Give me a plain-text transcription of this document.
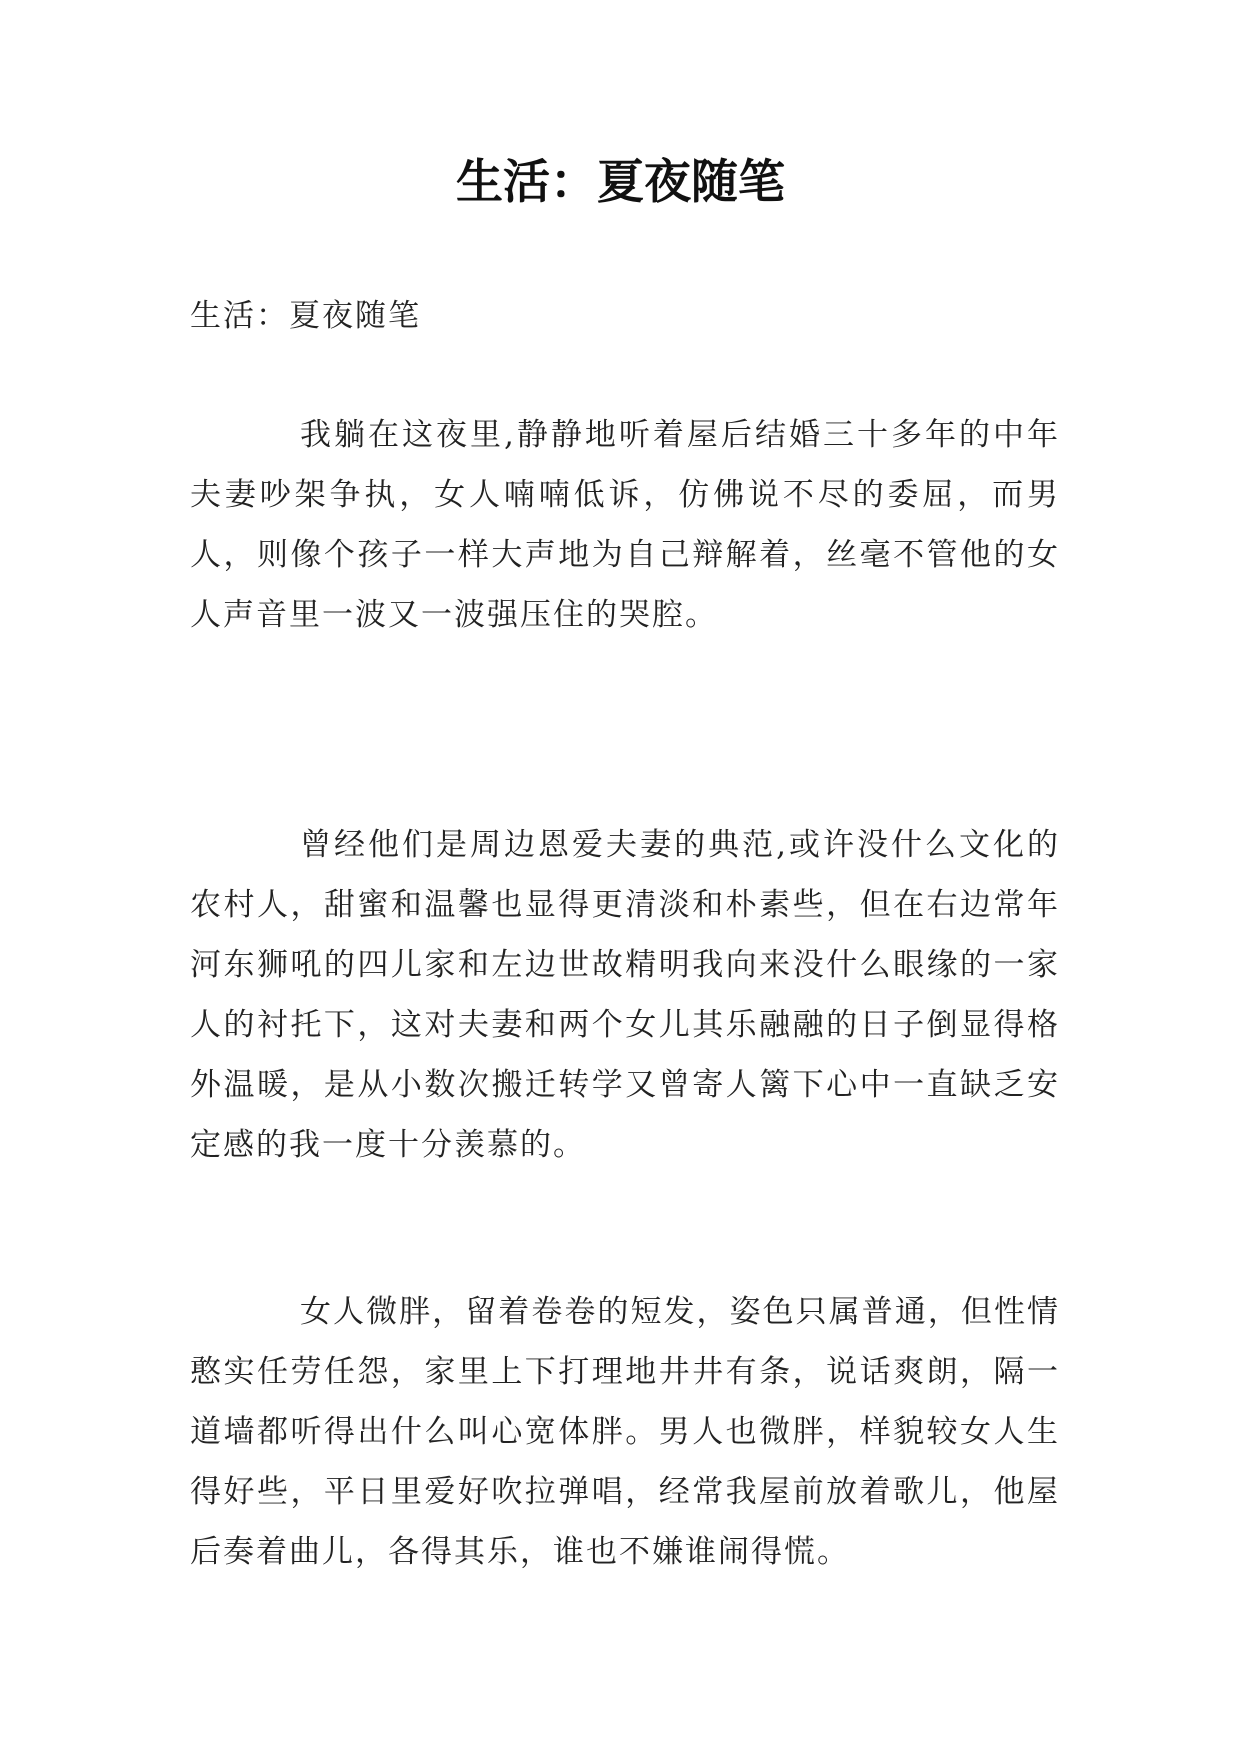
生活：夏夜随笔

生活：夏夜随笔

我躺在这夜里,静静地听着屋后结婚三十多年的中年夫妻吵架争执，女人喃喃低诉，仿佛说不尽的委屈，而男人，则像个孩子一样大声地为自己辩解着，丝毫不管他的女人声音里一波又一波强压住的哭腔。

曾经他们是周边恩爱夫妻的典范,或许没什么文化的农村人，甜蜜和温馨也显得更清淡和朴素些，但在右边常年河东狮吼的四儿家和左边世故精明我向来没什么眼缘的一家人的衬托下，这对夫妻和两个女儿其乐融融的日子倒显得格外温暖，是从小数次搬迁转学又曾寄人篱下心中一直缺乏安定感的我一度十分羡慕的。

女人微胖，留着卷卷的短发，姿色只属普通，但性情憨实任劳任怨，家里上下打理地井井有条，说话爽朗，隔一道墙都听得出什么叫心宽体胖。男人也微胖，样貌较女人生得好些，平日里爱好吹拉弹唱，经常我屋前放着歌儿，他屋后奏着曲儿，各得其乐，谁也不嫌谁闹得慌。
